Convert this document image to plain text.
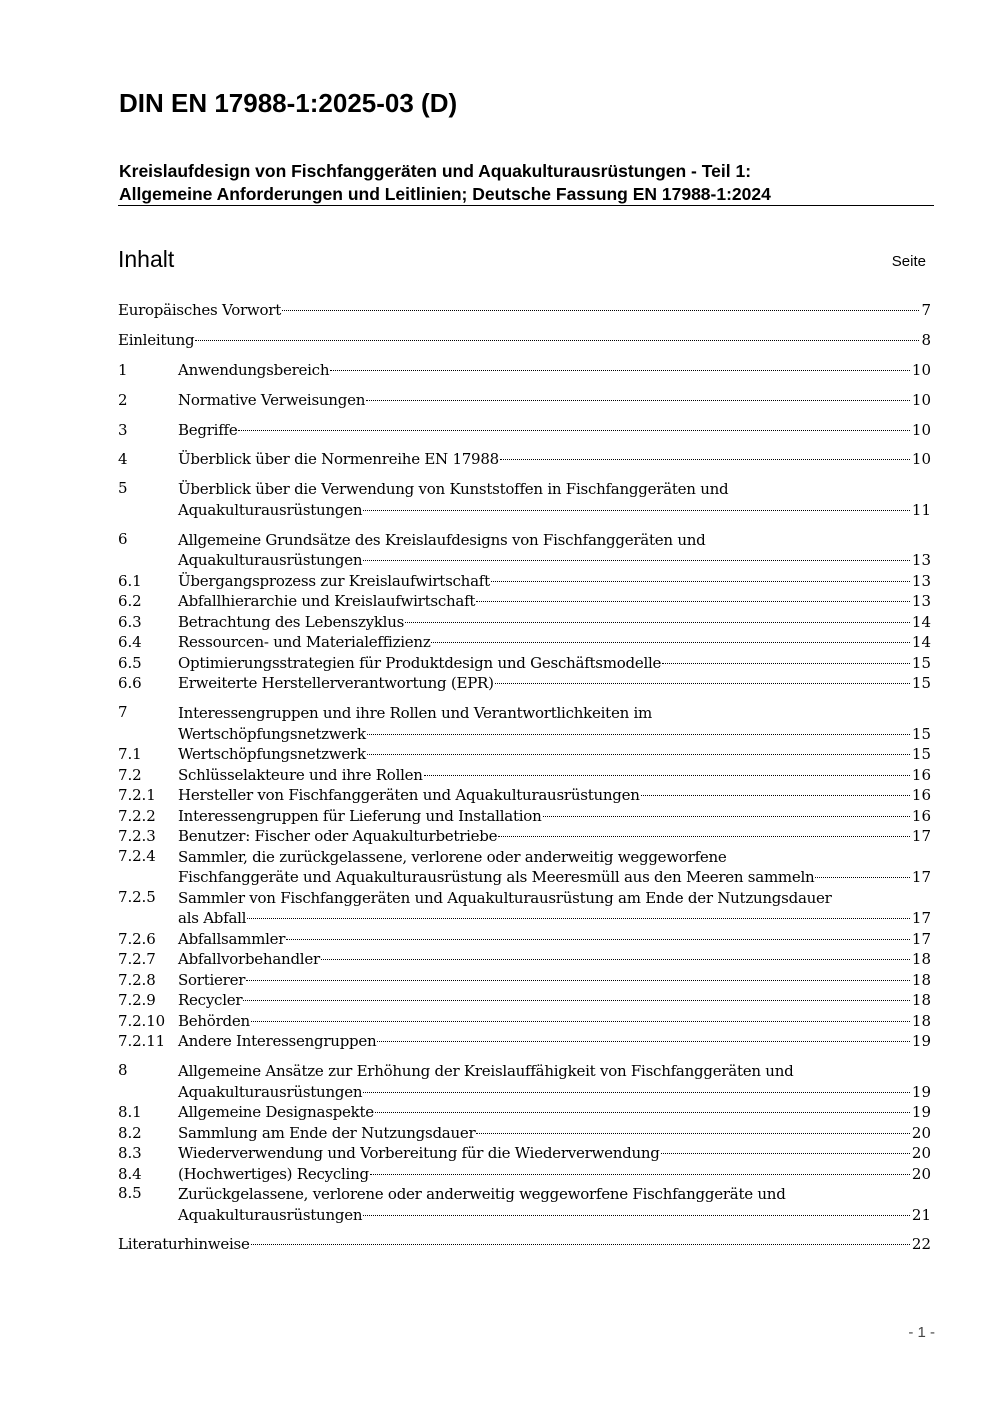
DIN EN 17988-1:2025-03 (D)
Kreislaufdesign von Fischfanggeräten und Aquakulturausrüstungen - Teil 1:
Allgemeine Anforderungen und Leitlinien; Deutsche Fassung EN 17988-1:2024
Inhalt	Seite
Europäisches Vorwort	7
Einleitung	8
1	Anwendungsbereich	10
2	Normative Verweisungen	10
3	Begriffe	10
4	Überblick über die Normenreihe EN 17988	10
5	Überblick über die Verwendung von Kunststoffen in Fischfanggeräten und
Aquakulturausrüstungen	11
6	Allgemeine Grundsätze des Kreislaufdesigns von Fischfanggeräten und
Aquakulturausrüstungen	13
6.1	Übergangsprozess zur Kreislaufwirtschaft	13
6.2	Abfallhierarchie und Kreislaufwirtschaft	13
6.3	Betrachtung des Lebenszyklus	14
6.4	Ressourcen- und Materialeffizienz	14
6.5	Optimierungsstrategien für Produktdesign und Geschäftsmodelle	15
6.6	Erweiterte Herstellerverantwortung (EPR)	15
7	Interessengruppen und ihre Rollen und Verantwortlichkeiten im
Wertschöpfungsnetzwerk	15
7.1	Wertschöpfungsnetzwerk	15
7.2	Schlüsselakteure und ihre Rollen	16
7.2.1	Hersteller von Fischfanggeräten und Aquakulturausrüstungen	16
7.2.2	Interessengruppen für Lieferung und Installation	16
7.2.3	Benutzer: Fischer oder Aquakulturbetriebe	17
7.2.4	Sammler, die zurückgelassene, verlorene oder anderweitig weggeworfene
Fischfanggeräte und Aquakulturausrüstung als Meeresmüll aus den Meeren sammeln	17
7.2.5	Sammler von Fischfanggeräten und Aquakulturausrüstung am Ende der Nutzungsdauer
als Abfall	17
7.2.6	Abfallsammler	17
7.2.7	Abfallvorbehandler	18
7.2.8	Sortierer	18
7.2.9	Recycler	18
7.2.10 Behörden	18
7.2.11 Andere Interessengruppen	19
8	Allgemeine Ansätze zur Erhöhung der Kreislauffähigkeit von Fischfanggeräten und
Aquakulturausrüstungen	19
8.1	Allgemeine Designaspekte	19
8.2	Sammlung am Ende der Nutzungsdauer	20
8.3	Wiederverwendung und Vorbereitung für die Wiederverwendung	20
8.4	(Hochwertiges) Recycling	20
8.5	Zurückgelassene, verlorene oder anderweitig weggeworfene Fischfanggeräte und
Aquakulturausrüstungen	21
Literaturhinweise	22
- 1 -
